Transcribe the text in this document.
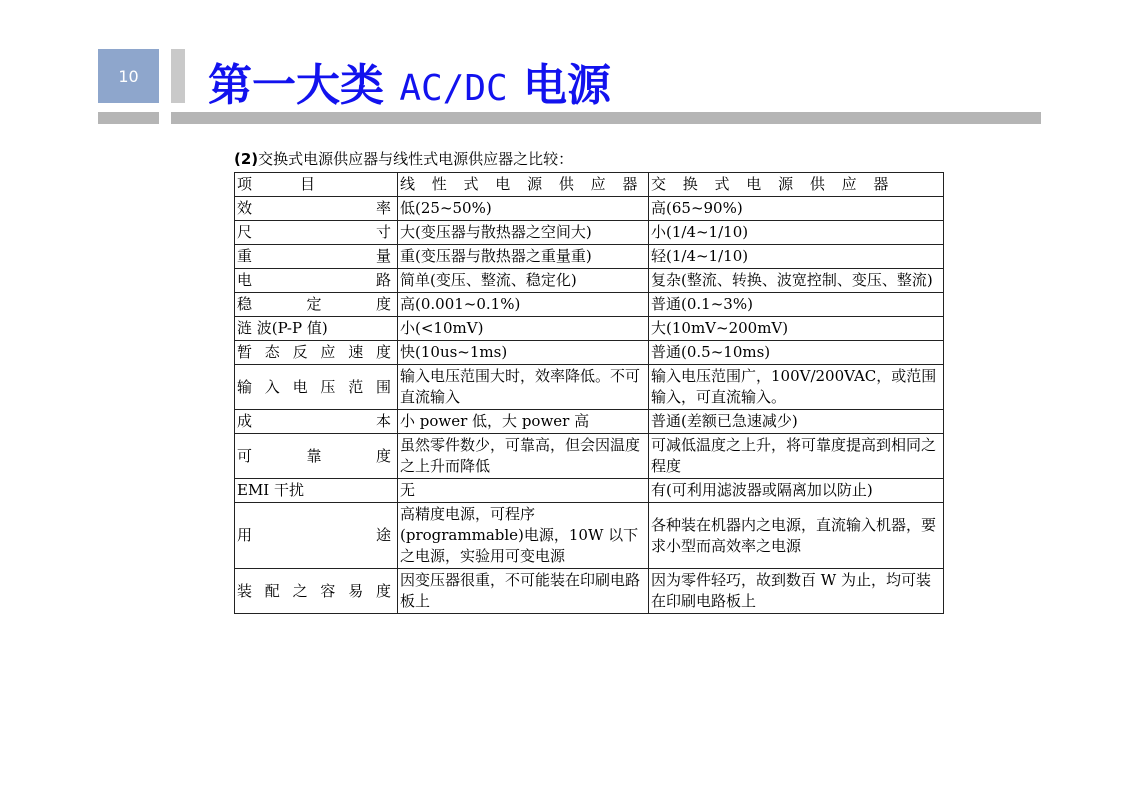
10	第一大类 AC/DC 电源
(2)交换式电源供应器与线性式电源供应器之比较：
项　　目	线 性 式 电 源 供 应 器	交 换 式 电 源 供 应 器
效率	低(25~50%)	高(65~90%)
尺寸	大(变压器与散热器之空间大)	小(1/4~1/10)
重量	重(变压器与散热器之重量重)	轻(1/4~1/10)
电路	简单(变压、整流、稳定化)	复杂(整流、转换、波宽控制、变压、整流)
稳定度	高(0.001~0.1%)	普通(0.1~3%)
涟 波(P-P 值)	小(<10mV)	大(10mV~200mV)
暂态反应速度	快(10us~1ms)	普通(0.5~10ms)
输入电压范围	输入电压范围大时，效率降低。不可直流输入	输入电压范围广，100V/200VAC，或范围输入，可直流输入。
成本	小 power 低，大 power 高	普通(差额已急速减少)
可靠度	虽然零件数少，可靠高，但会因温度之上升而降低	可减低温度之上升，将可靠度提高到相同之程度
EMI 干扰	无	有(可利用滤波器或隔离加以防止)
用途	高精度电源，可程序(programmable)电源，10W 以下之电源，实验用可变电源	各种装在机器内之电源，直流输入机器，要求小型而高效率之电源
装配之容易度	因变压器很重，不可能装在印刷电路板上	因为零件轻巧，故到数百 W 为止，均可装在印刷电路板上
